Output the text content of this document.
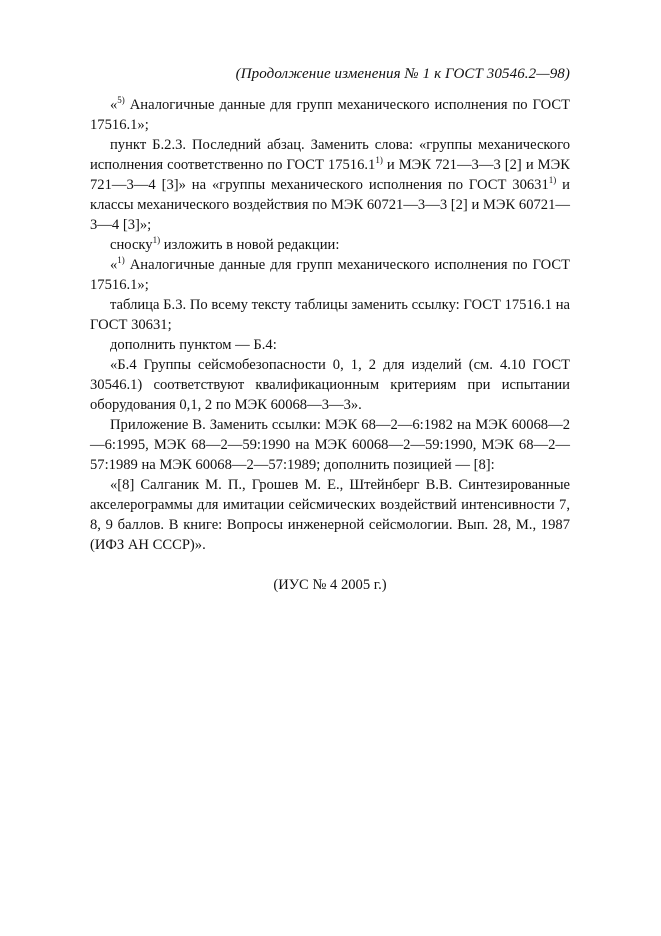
(Продолжение изменения № 1 к ГОСТ 30546.2—98)

«$^{5)}$ Аналогичные данные для групп механического исполнения по ГОСТ 17516.1»;

пункт Б.2.3. Последний абзац. Заменить слова: «группы механического исполнения соответственно по ГОСТ 17516.1$^{1)}$ и МЭК 721—3—3 [2] и МЭК 721—3—4 [3]» на «группы механического исполнения по ГОСТ 30631$^{1)}$ и классы механического воздействия по МЭК 60721—3—3 [2] и МЭК 60721—3—4 [3]»;

сноску$^{1)}$ изложить в новой редакции:

«$^{1)}$ Аналогичные данные для групп механического исполнения по ГОСТ 17516.1»;

таблица Б.3. По всему тексту таблицы заменить ссылку: ГОСТ 17516.1 на ГОСТ 30631;

дополнить пунктом — Б.4:

«Б.4 Группы сейсмобезопасности 0, 1, 2 для изделий (см. 4.10 ГОСТ 30546.1) соответствуют квалификационным критериям при испытании оборудования 0,1, 2 по МЭК 60068—3—3».

Приложение В. Заменить ссылки: МЭК 68—2—6:1982 на МЭК 60068—2—6:1995, МЭК 68—2—59:1990 на МЭК 60068—2—59:1990, МЭК 68—2—57:1989 на МЭК 60068—2—57:1989; дополнить позицией — [8]:

«[8] Салганик М. П., Грошев М. Е., Штейнберг В.В. Синтезированные акселерограммы для имитации сейсмических воздействий интенсивности 7, 8, 9 баллов. В книге: Вопросы инженерной сейсмологии. Вып. 28, М., 1987 (ИФЗ АН СССР)».

(ИУС № 4 2005 г.)
